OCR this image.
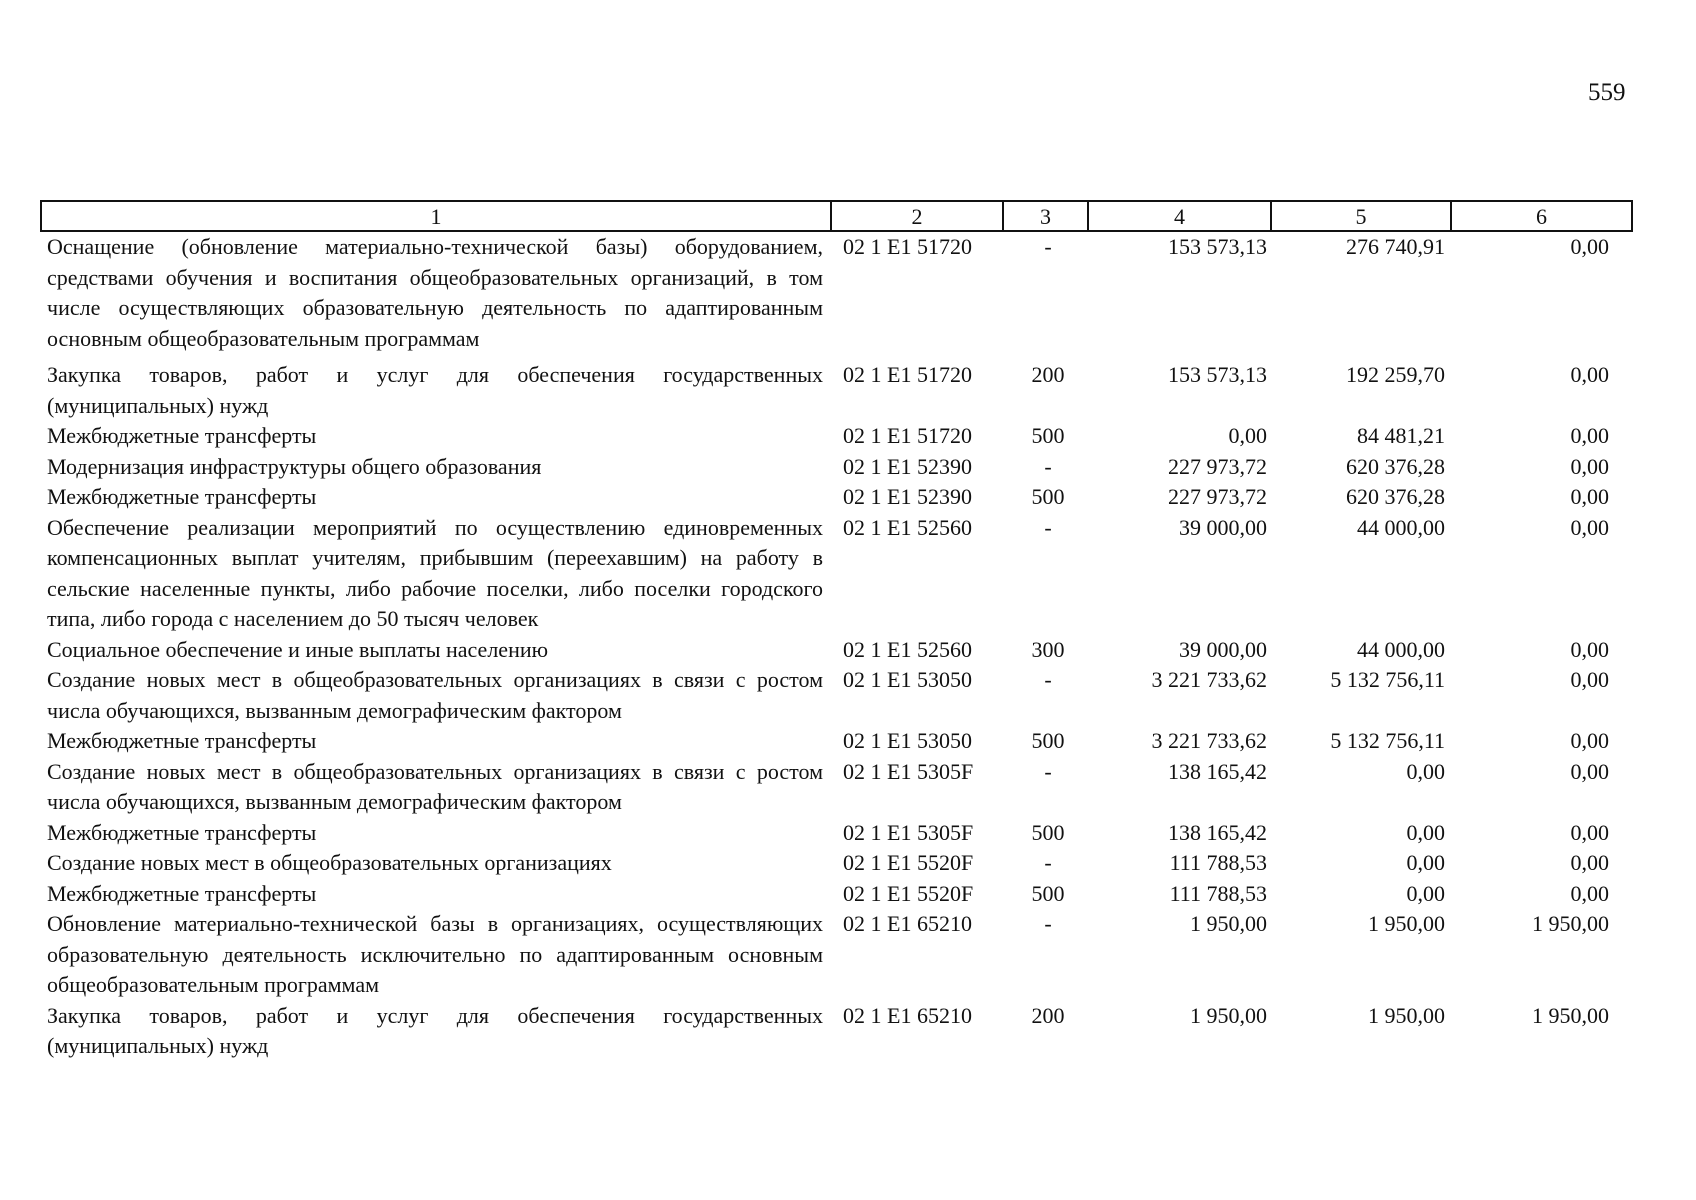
559
1	2	3	4	5	6
Оснащение (обновление материально-технической базы) оборудованием, средствами обучения и воспитания общеобразовательных организаций, в том числе осуществляющих образовательную деятельность по адаптированным основным общеобразовательным программам	02 1 E1 51720	-	153 573,13	276 740,91	0,00
Закупка товаров, работ и услуг для обеспечения государственных (муниципальных) нужд	02 1 E1 51720	200	153 573,13	192 259,70	0,00
Межбюджетные трансферты	02 1 E1 51720	500	0,00	84 481,21	0,00
Модернизация инфраструктуры общего образования	02 1 E1 52390	-	227 973,72	620 376,28	0,00
Межбюджетные трансферты	02 1 E1 52390	500	227 973,72	620 376,28	0,00
Обеспечение реализации мероприятий по осуществлению единовременных компенсационных выплат учителям, прибывшим (переехавшим) на работу в сельские населенные пункты, либо рабочие поселки, либо поселки городского типа, либо города с населением до 50 тысяч человек	02 1 E1 52560	-	39 000,00	44 000,00	0,00
Социальное обеспечение и иные выплаты населению	02 1 E1 52560	300	39 000,00	44 000,00	0,00
Создание новых мест в общеобразовательных организациях в связи с ростом числа обучающихся, вызванным демографическим фактором	02 1 E1 53050	-	3 221 733,62	5 132 756,11	0,00
Межбюджетные трансферты	02 1 E1 53050	500	3 221 733,62	5 132 756,11	0,00
Создание новых мест в общеобразовательных организациях в связи с ростом числа обучающихся, вызванным демографическим фактором	02 1 E1 5305F	-	138 165,42	0,00	0,00
Межбюджетные трансферты	02 1 E1 5305F	500	138 165,42	0,00	0,00
Создание новых мест в общеобразовательных организациях	02 1 E1 5520F	-	111 788,53	0,00	0,00
Межбюджетные трансферты	02 1 E1 5520F	500	111 788,53	0,00	0,00
Обновление материально-технической базы в организациях, осуществляющих образовательную деятельность исключительно по адаптированным основным общеобразовательным программам	02 1 E1 65210	-	1 950,00	1 950,00	1 950,00
Закупка товаров, работ и услуг для обеспечения государственных (муниципальных) нужд	02 1 E1 65210	200	1 950,00	1 950,00	1 950,00
